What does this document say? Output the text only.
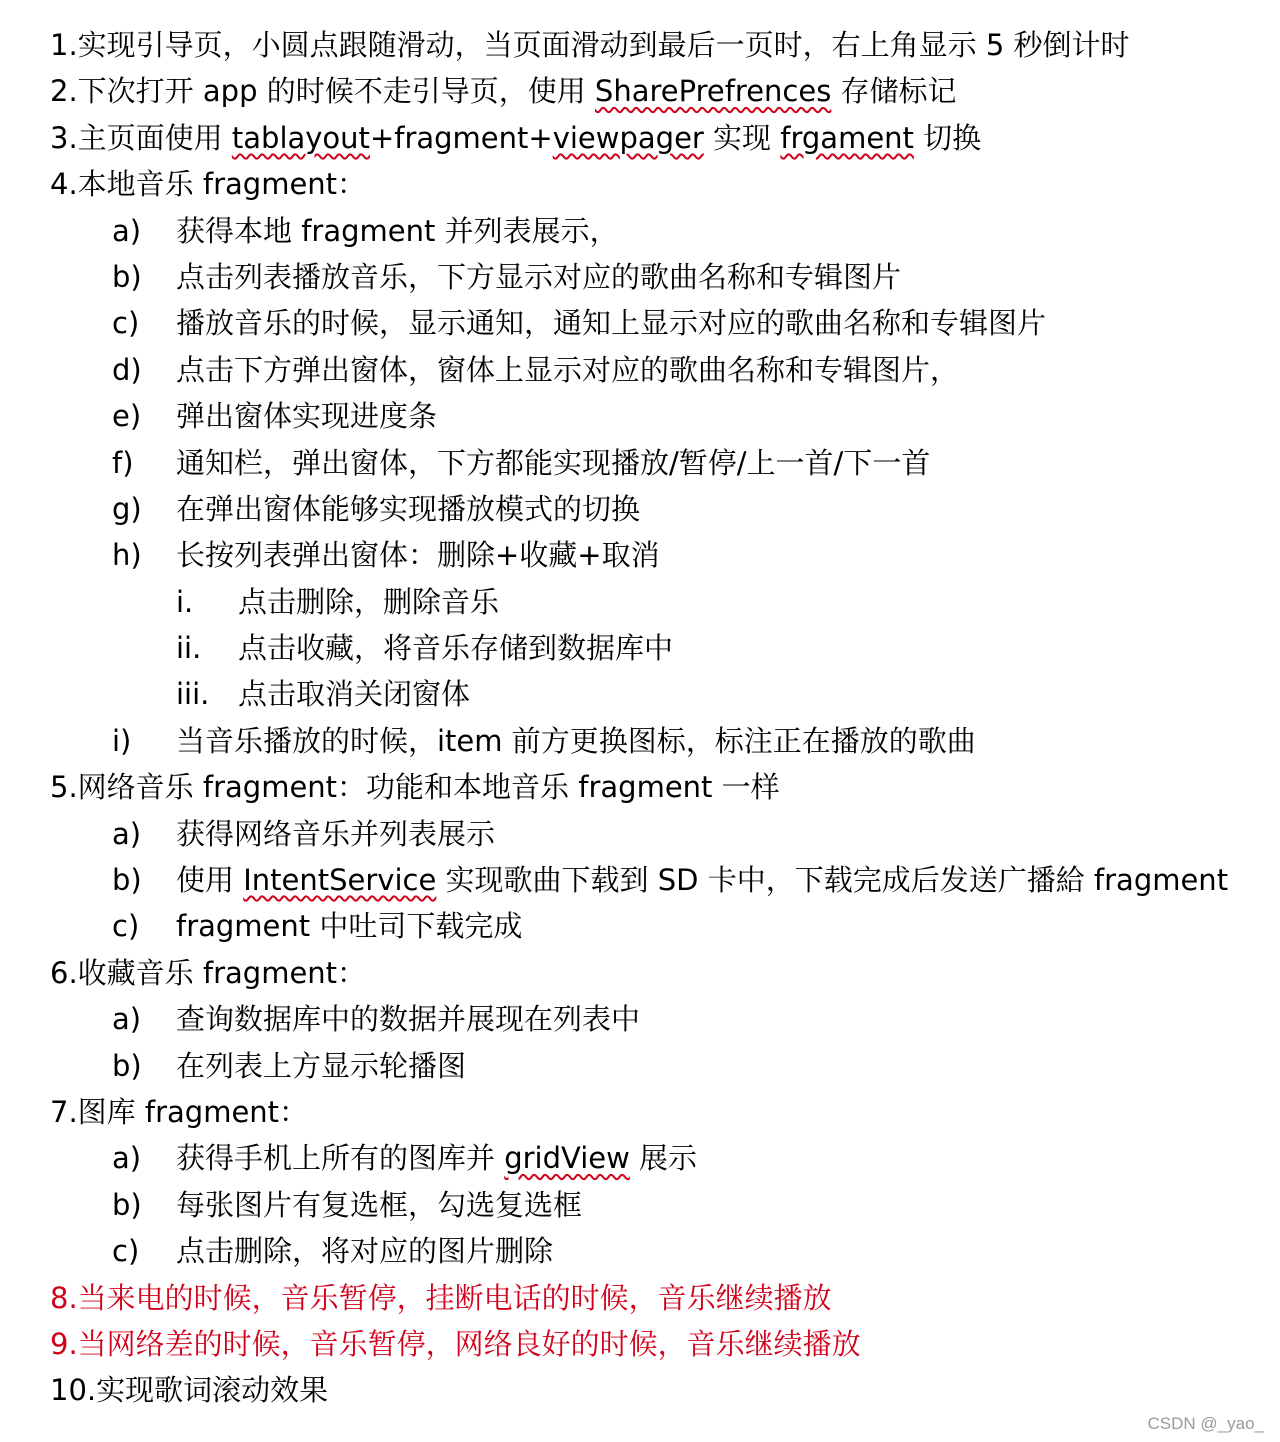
1.实现引导页，小圆点跟随滑动，当页面滑动到最后一页时，右上角显示 5 秒倒计时
2.下次打开 app 的时候不走引导页，使用 SharePrefrences 存储标记
3.主页面使用 tablayout+fragment+viewpager 实现 frgament 切换
4.本地音乐 fragment：
a)	获得本地 fragment 并列表展示，
b)	点击列表播放音乐，下方显示对应的歌曲名称和专辑图片
c)	播放音乐的时候，显示通知，通知上显示对应的歌曲名称和专辑图片
d)	点击下方弹出窗体，窗体上显示对应的歌曲名称和专辑图片，
e)	弹出窗体实现进度条
f)	通知栏，弹出窗体，下方都能实现播放/暂停/上一首/下一首
g)	在弹出窗体能够实现播放模式的切换
h)	长按列表弹出窗体：删除+收藏+取消
i.	点击删除，删除音乐
ii.	点击收藏，将音乐存储到数据库中
iii. 点击取消关闭窗体
i)	当音乐播放的时候，item 前方更换图标，标注正在播放的歌曲
5.网络音乐 fragment：功能和本地音乐 fragment 一样
a)	获得网络音乐并列表展示
b)	使用 IntentService 实现歌曲下载到 SD 卡中，下载完成后发送广播給 fragment
c)	fragment 中吐司下载完成
6.收藏音乐 fragment：
a)	查询数据库中的数据并展现在列表中
b)	在列表上方显示轮播图
7.图库 fragment：
a)	获得手机上所有的图库并 gridView 展示
b)	每张图片有复选框，勾选复选框
c)	点击删除，将对应的图片删除
8.当来电的时候，音乐暂停，挂断电话的时候，音乐继续播放
9.当网络差的时候，音乐暂停，网络良好的时候，音乐继续播放
10.实现歌词滚动效果
CSDN @_yao_
